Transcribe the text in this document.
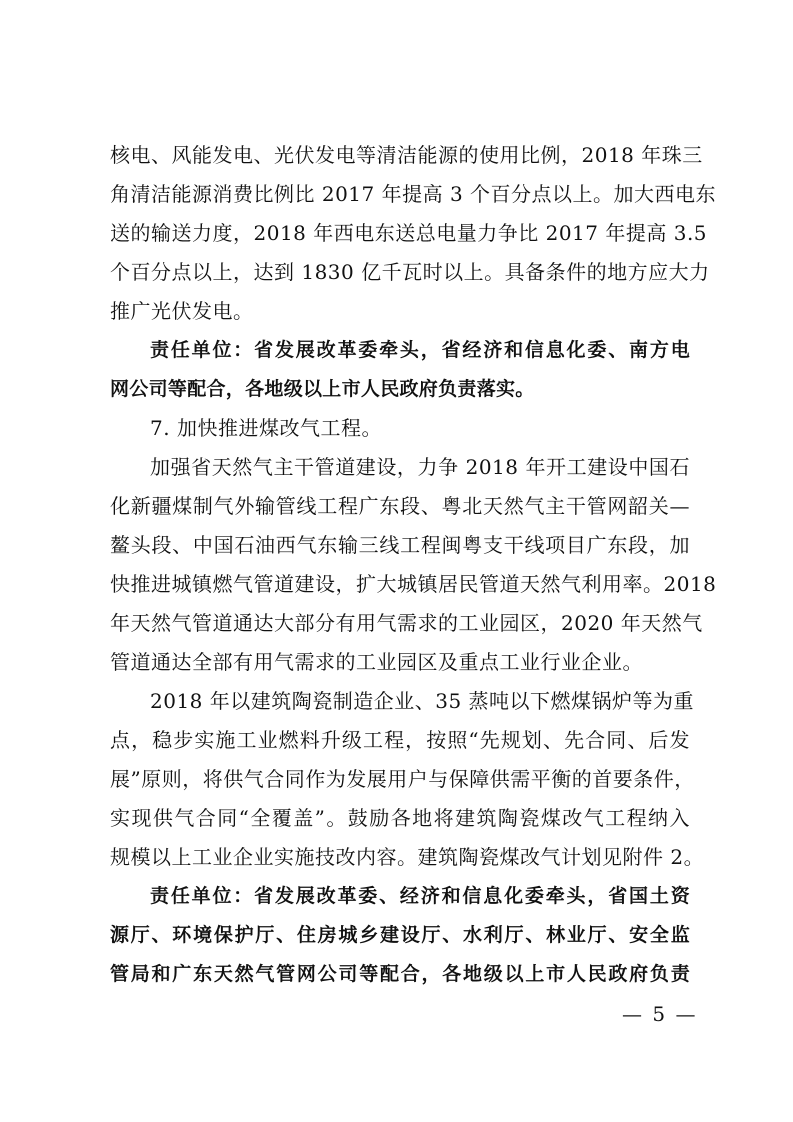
核电、风能发电、光伏发电等清洁能源的使用比例，2018 年珠三
角清洁能源消费比例比 2017 年提高 3 个百分点以上。加大西电东
送的输送力度，2018 年西电东送总电量力争比 2017 年提高 3.5
个百分点以上，达到 1830 亿千瓦时以上。具备条件的地方应大力
推广光伏发电。
责任单位：省发展改革委牵头，省经济和信息化委、南方电
网公司等配合，各地级以上市人民政府负责落实。
7. 加快推进煤改气工程。
加强省天然气主干管道建设，力争 2018 年开工建设中国石
化新疆煤制气外输管线工程广东段、粤北天然气主干管网韶关—
鳌头段、中国石油西气东输三线工程闽粤支干线项目广东段，加
快推进城镇燃气管道建设，扩大城镇居民管道天然气利用率。2018
年天然气管道通达大部分有用气需求的工业园区，2020 年天然气
管道通达全部有用气需求的工业园区及重点工业行业企业。
2018 年以建筑陶瓷制造企业、35 蒸吨以下燃煤锅炉等为重
点，稳步实施工业燃料升级工程，按照“先规划、先合同、后发
展”原则，将供气合同作为发展用户与保障供需平衡的首要条件，
实现供气合同“全覆盖”。鼓励各地将建筑陶瓷煤改气工程纳入
规模以上工业企业实施技改内容。建筑陶瓷煤改气计划见附件 2。
责任单位：省发展改革委、经济和信息化委牵头，省国土资
源厅、环境保护厅、住房城乡建设厅、水利厅、林业厅、安全监
管局和广东天然气管网公司等配合，各地级以上市人民政府负责
— 5 —
